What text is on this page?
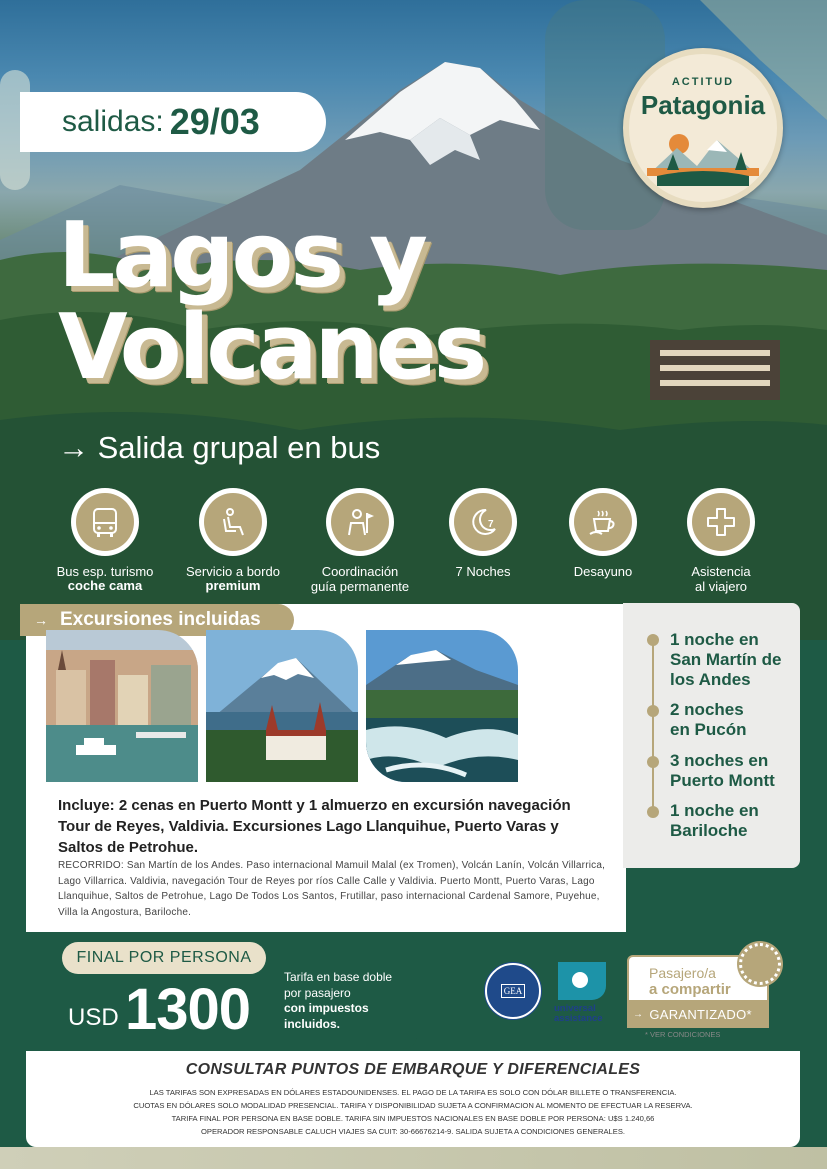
salidas: 29/03
ACTITUD
Patagonia
Lagos y
Volcanes
→ Salida grupal en bus
Bus esp. turismo
coche cama
Servicio a bordo
premium
Coordinación
guía permanente
7
7 Noches	Desayuno	Asistencia
al viajero
→ Excursiones incluidas
Incluye: 2 cenas en Puerto Montt y 1 almuerzo en excursión navegación Tour de Reyes, Valdivia. Excursiones Lago Llanquihue, Puerto Varas y Saltos de Petrohue.
RECORRIDO: San Martín de los Andes. Paso internacional Mamuil Malal (ex Tromen), Volcán Lanín, Volcán Villarrica, Lago Villarrica. Valdivia, navegación Tour de Reyes por ríos Calle Calle y Valdivia. Puerto Montt, Puerto Varas, Lago Llanquihue, Saltos de Petrohue, Lago De Todos Los Santos, Frutillar, paso internacional Cardenal Samore, Puyehue, Villa la Angostura, Bariloche.
1 noche en
San Martín de
los Andes
2 noches
en Pucón
3 noches en
Puerto Montt
1 noche en
Bariloche
FINAL POR PERSONA
USD 1300	Tarifa en base doble por pasajero
con impuestos incluidos.
GEA
universal
assistance
Pasajero/a
a compartir
→ GARANTIZADO*
* VER CONDICIONES
CONSULTAR PUNTOS DE EMBARQUE Y DIFERENCIALES
LAS TARIFAS SON EXPRESADAS EN DÓLARES ESTADOUNIDENSES. EL PAGO DE LA TARIFA ES SOLO CON DÓLAR BILLETE O TRANSFERENCIA.
CUOTAS EN DÓLARES SOLO MODALIDAD PRESENCIAL. TARIFA Y DISPONIBILIDAD SUJETA A CONFIRMACION AL MOMENTO DE EFECTUAR LA RESERVA.
TARIFA FINAL POR PERSONA EN BASE DOBLE. TARIFA SIN IMPUESTOS NACIONALES EN BASE DOBLE POR PERSONA: U$S 1.240,66
OPERADOR RESPONSABLE CALUCH VIAJES SA CUIT: 30-66676214-9. SALIDA SUJETA A CONDICIONES GENERALES.
